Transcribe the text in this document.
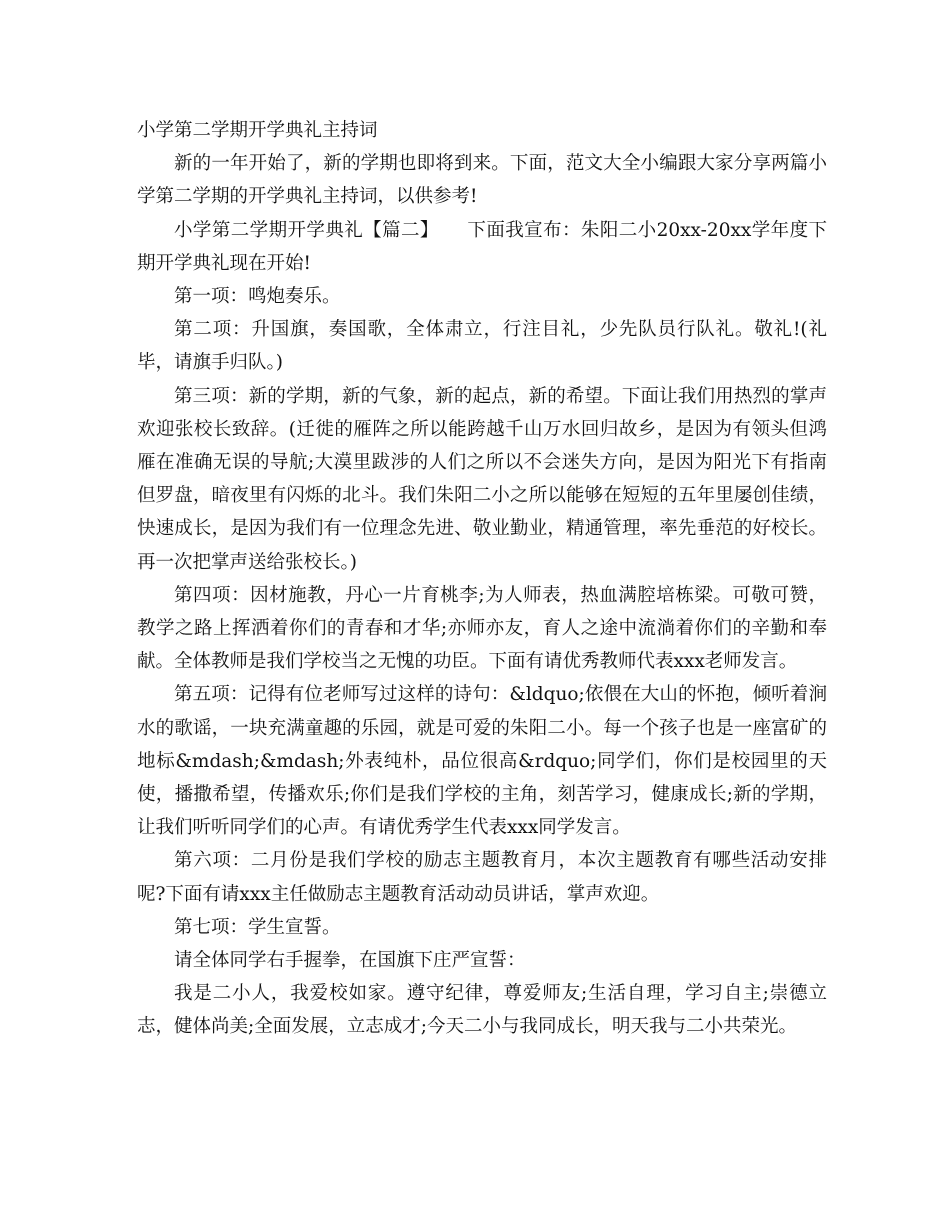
小学第二学期开学典礼主持词

新的一年开始了，新的学期也即将到来。下面，范文大全小编跟大家分享两篇小学第二学期的开学典礼主持词，以供参考!

小学第二学期开学典礼【篇二】　　下面我宣布：朱阳二小20xx-20xx学年度下期开学典礼现在开始!

第一项：鸣炮奏乐。

第二项：升国旗，奏国歌，全体肃立，行注目礼，少先队员行队礼。敬礼!(礼毕，请旗手归队。)

第三项：新的学期，新的气象，新的起点，新的希望。下面让我们用热烈的掌声欢迎张校长致辞。(迁徙的雁阵之所以能跨越千山万水回归故乡，是因为有领头但鸿雁在准确无误的导航;大漠里跋涉的人们之所以不会迷失方向，是因为阳光下有指南但罗盘，暗夜里有闪烁的北斗。我们朱阳二小之所以能够在短短的五年里屡创佳绩，快速成长，是因为我们有一位理念先进、敬业勤业，精通管理，率先垂范的好校长。再一次把掌声送给张校长。)

第四项：因材施教，丹心一片育桃李;为人师表，热血满腔培栋梁。可敬可赞，教学之路上挥洒着你们的青春和才华;亦师亦友，育人之途中流淌着你们的辛勤和奉献。全体教师是我们学校当之无愧的功臣。下面有请优秀教师代表xxx老师发言。

第五项：记得有位老师写过这样的诗句：&ldquo;依偎在大山的怀抱，倾听着涧水的歌谣，一块充满童趣的乐园，就是可爱的朱阳二小。每一个孩子也是一座富矿的地标&mdash;&mdash;外表纯朴，品位很高&rdquo;同学们，你们是校园里的天使，播撒希望，传播欢乐;你们是我们学校的主角，刻苦学习，健康成长;新的学期，让我们听听同学们的心声。有请优秀学生代表xxx同学发言。

第六项：二月份是我们学校的励志主题教育月，本次主题教育有哪些活动安排呢?下面有请xxx主任做励志主题教育活动动员讲话，掌声欢迎。

第七项：学生宣誓。

请全体同学右手握拳，在国旗下庄严宣誓：

我是二小人，我爱校如家。遵守纪律，尊爱师友;生活自理，学习自主;崇德立志，健体尚美;全面发展，立志成才;今天二小与我同成长，明天我与二小共荣光。
